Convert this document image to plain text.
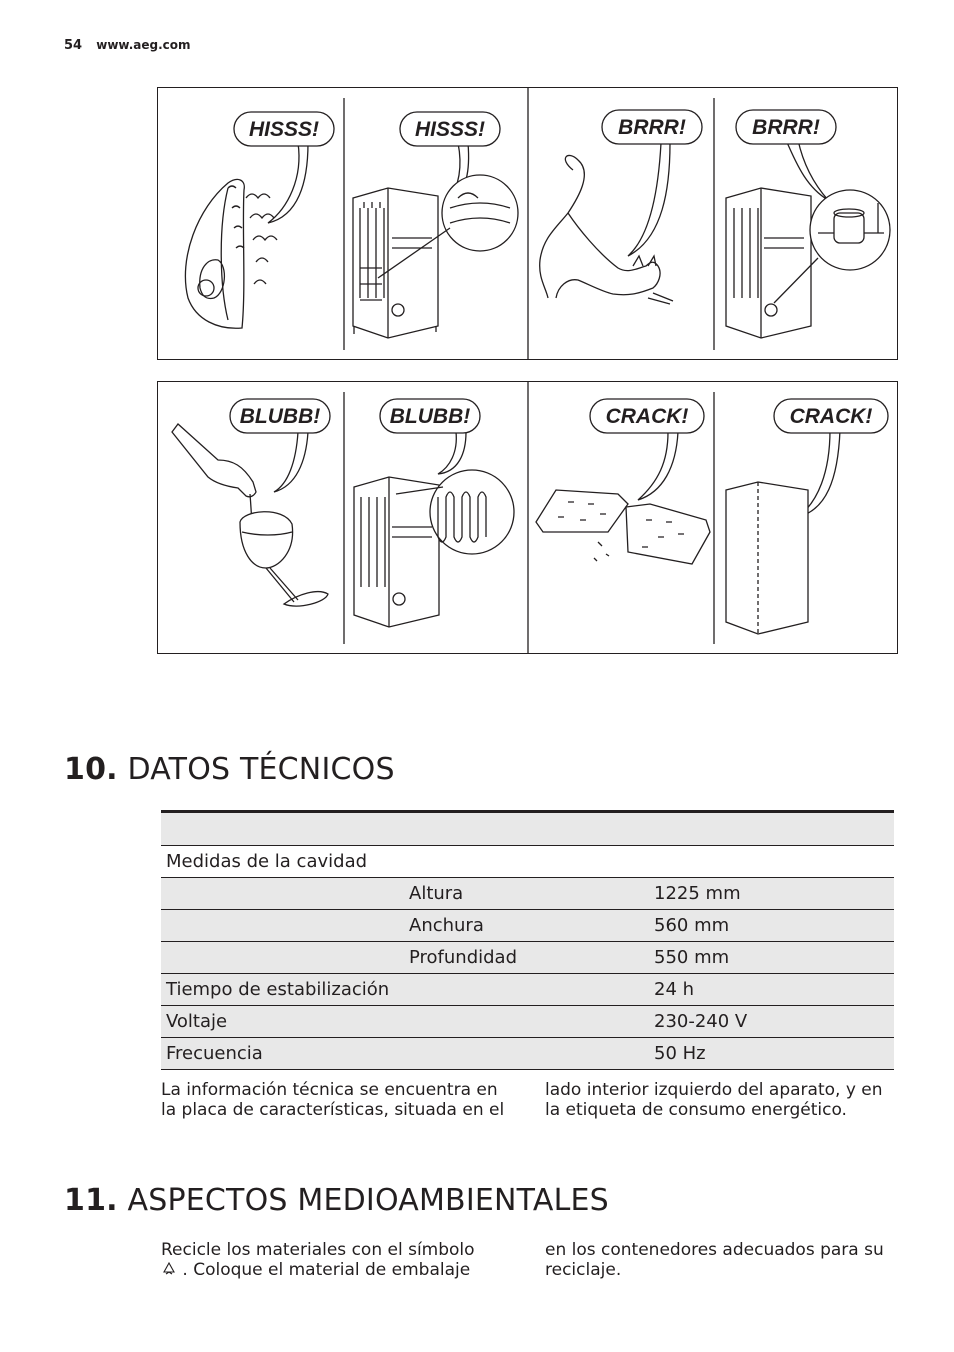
54 www.aeg.com
HISSS!	HISSS!	BRRR!	BRRR!
BLUBB!	BLUBB!	CRACK!	CRACK!
10. DATOS TÉCNICOS

Medidas de la cavidad		
	Altura	1225 mm
	Anchura	560 mm
	Profundidad	550 mm
Tiempo de estabilización		24 h
Voltaje		230-240 V
Frecuencia		50 Hz
La información técnica se encuentra en la placa de características, situada en el
lado interior izquierdo del aparato, y en la etiqueta de consumo energético.
11. ASPECTOS MEDIOAMBIENTALES
Recicle los materiales con el símbolo
. Coloque el material de embalaje
en los contenedores adecuados para su reciclaje.
